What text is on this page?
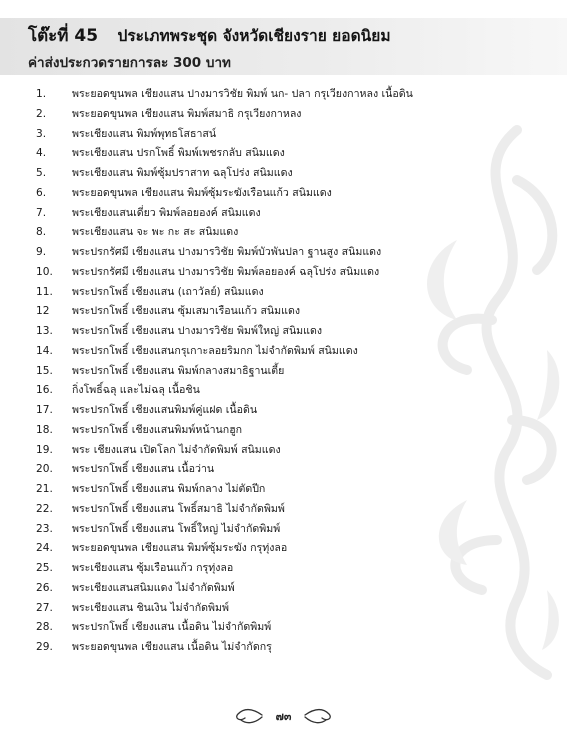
โต๊ะที่ 45 ประเภทพระชุด จังหวัดเชียงราย ยอดนิยม
ค่าส่งประกวดรายการละ 300 บาท
1.	พระยอดขุนพล เชียงแสน ปางมารวิชัย พิมพ์ นก- ปลา กรุเวียงกาหลง เนื้อดิน
2.	พระยอดขุนพล เชียงแสน พิมพ์สมาธิ กรุเวียงกาหลง
3.	พระเชียงแสน พิมพ์พุทธโสธาสน์
4.	พระเชียงแสน ปรกโพธิ์ พิมพ์เพชรกลับ สนิมแดง
5.	พระเชียงแสน พิมพ์ซุ้มปราสาท ฉลุโปร่ง สนิมแดง
6.	พระยอดขุนพล เชียงแสน พิมพ์ซุ้มระฆังเรือนแก้ว สนิมแดง
7.	พระเชียงแสนเดี่ยว พิมพ์ลอยองค์ สนิมแดง
8.	พระเชียงแสน จะ พะ กะ สะ สนิมแดง
9.	พระปรกรัศมี เชียงแสน ปางมารวิชัย พิมพ์บัวพันปลา ฐานสูง สนิมแดง
10.	พระปรกรัศมี เชียงแสน ปางมารวิชัย พิมพ์ลอยองค์ ฉลุโปร่ง สนิมแดง
11.	พระปรกโพธิ์ เชียงแสน (เถาวัลย์) สนิมแดง
12	พระปรกโพธิ์ เชียงแสน ซุ้มเสมาเรือนแก้ว สนิมแดง
13.	พระปรกโพธิ์ เชียงแสน ปางมารวิชัย พิมพ์ใหญ่ สนิมแดง
14.	พระปรกโพธิ์ เชียงแสนกรุเกาะลอยริมกก ไม่จำกัดพิมพ์ สนิมแดง
15.	พระปรกโพธิ์ เชียงแสน พิมพ์กลางสมาธิฐานเตี้ย
16.	กิ่งโพธิ์ฉลุ และไม่ฉลุ เนื้อชิน
17.	พระปรกโพธิ์ เชียงแสนพิมพ์คู่แฝด เนื้อดิน
18.	พระปรกโพธิ์ เชียงแสนพิมพ์หน้านกฮูก
19.	พระ เชียงแสน เปิดโลก ไม่จำกัดพิมพ์ สนิมแดง
20.	พระปรกโพธิ์ เชียงแสน เนื้อว่าน
21.	พระปรกโพธิ์ เชียงแสน พิมพ์กลาง ไม่ตัดปีก
22.	พระปรกโพธิ์ เชียงแสน โพธิ์สมาธิ ไม่จำกัดพิมพ์
23.	พระปรกโพธิ์ เชียงแสน โพธิ์ใหญ่ ไม่จำกัดพิมพ์
24.	พระยอดขุนพล เชียงแสน พิมพ์ซุ้มระฆัง กรุทุ่งลอ
25.	พระเชียงแสน ซุ้มเรือนแก้ว กรุทุ่งลอ
26.	พระเชียงแสนสนิมแดง ไม่จำกัดพิมพ์
27.	พระเชียงแสน ชินเงิน ไม่จำกัดพิมพ์
28.	พระปรกโพธิ์ เชียงแสน เนื้อดิน ไม่จำกัดพิมพ์
29.	พระยอดขุนพล เชียงแสน เนื้อดิน ไม่จำกัดกรุ
๗๓
